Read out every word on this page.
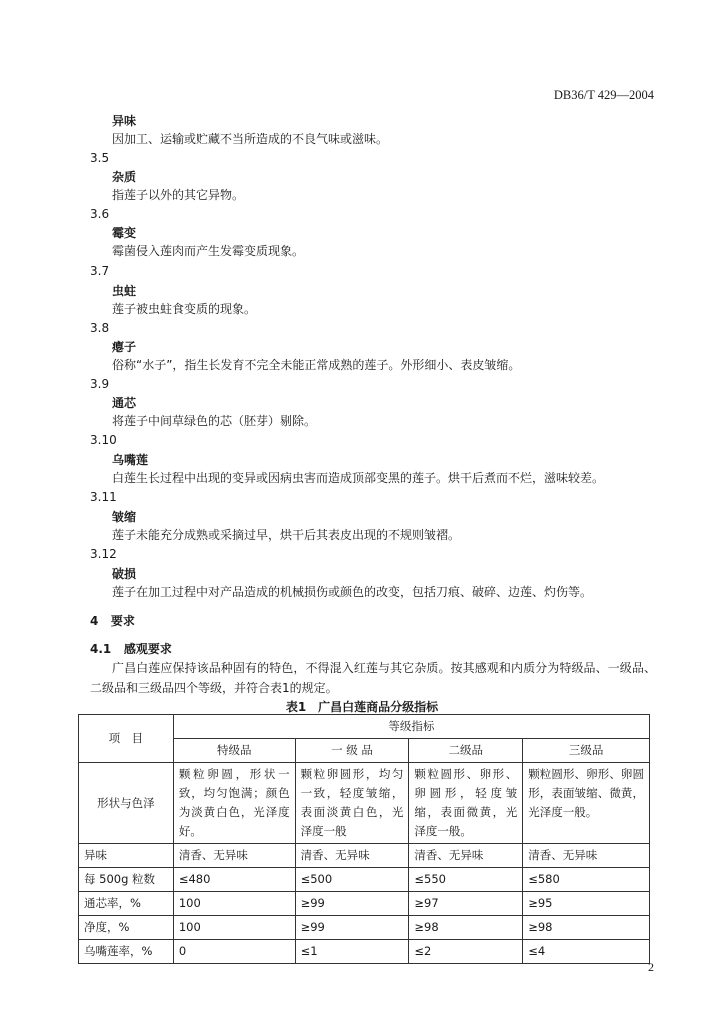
DB36/T 429—2004
异味
因加工、运输或贮藏不当所造成的不良气味或滋味。
3.5
杂质
指莲子以外的其它异物。
3.6
霉变
霉菌侵入莲肉而产生发霉变质现象。
3.7
虫蛀
莲子被虫蛀食变质的现象。
3.8
瘪子
俗称“水子”，指生长发育不完全未能正常成熟的莲子。外形细小、表皮皱缩。
3.9
通芯
将莲子中间草绿色的芯（胚芽）剔除。
3.10
乌嘴莲
白莲生长过程中出现的变异或因病虫害而造成顶部变黑的莲子。烘干后煮而不烂，滋味较差。
3.11
皱缩
莲子未能充分成熟或采摘过早，烘干后其表皮出现的不规则皱褶。
3.12
破损
莲子在加工过程中对产品造成的机械损伤或颜色的改变，包括刀痕、破碎、边莲、灼伤等。
4 要求
4.1 感观要求
广昌白莲应保持该品种固有的特色，不得混入红莲与其它杂质。按其感观和内质分为特级品、一级品、二级品和三级品四个等级，并符合表1的规定。
表1　广昌白莲商品分级指标
项　目	等级指标			
	特级品	一 级 品	二级品	三级品
形状与色泽	颗粒卵圆，形状一致，均匀饱满；颜色为淡黄白色，光泽度好。	颗粒卵圆形，均匀一致，轻度皱缩，表面淡黄白色，光泽度一般	颗粒圆形、卵形、卵圆形，轻度皱缩，表面微黄，光泽度一般。	颗粒圆形、卵形、卵圆形，表面皱缩、微黄，光泽度一般。
异味	清香、无异味	清香、无异味	清香、无异味	清香、无异味
每 500g 粒数	≤480	≤500	≤550	≤580
通芯率，%	100	≥99	≥97	≥95
净度，%	100	≥99	≥98	≥98
乌嘴莲率，%	0	≤1	≤2	≤4
2
